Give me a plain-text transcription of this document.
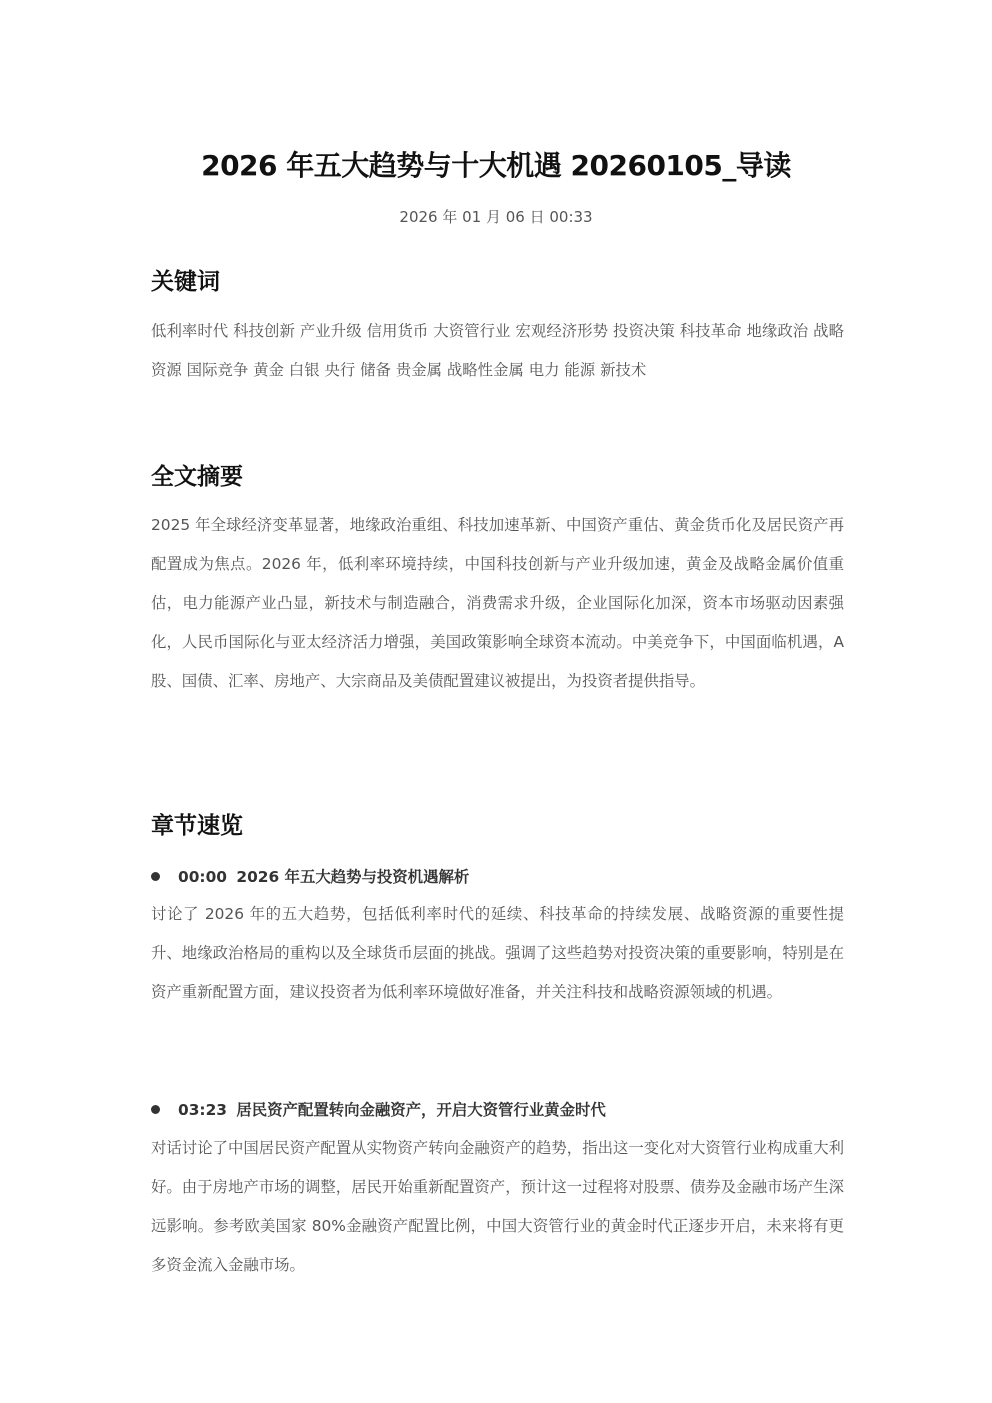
2026 年五大趋势与十大机遇 20260105_导读
2026 年 01 月 06 日 00:33
关键词
低利率时代 科技创新 产业升级 信用货币 大资管行业 宏观经济形势 投资决策 科技革命 地缘政治 战略资源 国际竞争 黄金 白银 央行 储备 贵金属 战略性金属 电力 能源 新技术
全文摘要
2025 年全球经济变革显著，地缘政治重组、科技加速革新、中国资产重估、黄金货币化及居民资产再配置成为焦点。2026 年，低利率环境持续，中国科技创新与产业升级加速，黄金及战略金属价值重估，电力能源产业凸显，新技术与制造融合，消费需求升级，企业国际化加深，资本市场驱动因素强化，人民币国际化与亚太经济活力增强，美国政策影响全球资本流动。中美竞争下，中国面临机遇，A 股、国债、汇率、房地产、大宗商品及美债配置建议被提出，为投资者提供指导。
章节速览
00:00 2026 年五大趋势与投资机遇解析
讨论了 2026 年的五大趋势，包括低利率时代的延续、科技革命的持续发展、战略资源的重要性提升、地缘政治格局的重构以及全球货币层面的挑战。强调了这些趋势对投资决策的重要影响，特别是在资产重新配置方面，建议投资者为低利率环境做好准备，并关注科技和战略资源领域的机遇。
03:23 居民资产配置转向金融资产，开启大资管行业黄金时代
对话讨论了中国居民资产配置从实物资产转向金融资产的趋势，指出这一变化对大资管行业构成重大利好。由于房地产市场的调整，居民开始重新配置资产，预计这一过程将对股票、债券及金融市场产生深远影响。参考欧美国家 80%金融资产配置比例，中国大资管行业的黄金时代正逐步开启，未来将有更多资金流入金融市场。
